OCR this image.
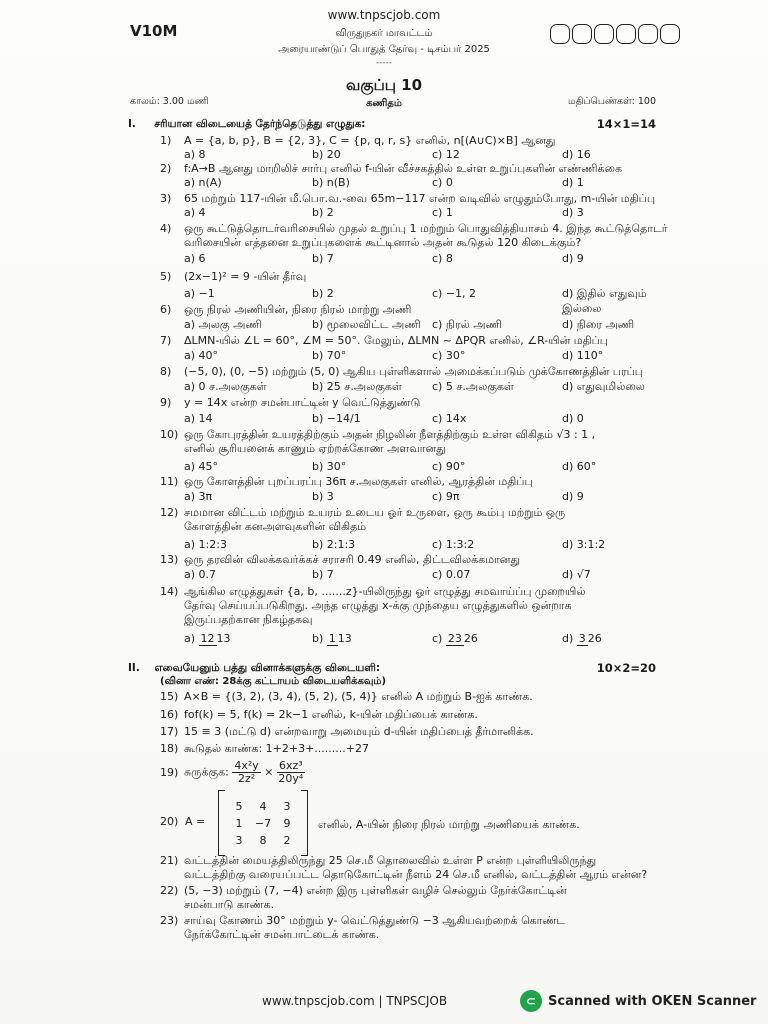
www.tnpscjob.com
V10M	விருதுநகர் மாவட்டம்
அரையாண்டுப் பொதுத் தேர்வு - டிசம்பர் 2025
-----
வகுப்பு 10
காலம்: 3.00 மணி	கணிதம்	மதிப்பெண்கள்: 100
I. சரியான விடையைத் தேர்ந்தெடுத்து எழுதுக:	14×1=14
1) A = {a, b, p}, B = {2, 3}, C = {p, q, r, s} எனில், n[(A∪C)×B] ஆனது
a) 8	b) 20	c) 12	d) 16
2) f:A→B ஆனது மாறிலிச் சார்பு எனில் f-யின் வீச்சகத்தில் உள்ள உறுப்புகளின் எண்ணிக்கை
a) n(A)	b) n(B)	c) 0	d) 1
3) 65 மற்றும் 117-யின் மீ.பொ.வ.-வை 65m−117 என்ற வடிவில் எழுதும்போது, m-யின் மதிப்பு
a) 4	b) 2	c) 1	d) 3
4) ஒரு கூட்டுத்தொடர்வரிசையில் முதல் உறுப்பு 1 மற்றும் பொதுவித்தியாசம் 4. இந்த கூட்டுத்தொடர்
வரிசையின் எத்தனை உறுப்புகளைக் கூட்டினால் அதன் கூடுதல் 120 கிடைக்கும்?
a) 6	b) 7	c) 8	d) 9
5) (2x−1)² = 9 -யின் தீர்வு
a) −1	b) 2	c) −1, 2	d) இதில் எதுவும் இல்லை
6) ஒரு நிரல் அணியின், நிரை நிரல் மாற்று அணி
a) அலகு அணி	b) மூலைவிட்ட அணி	c) நிரல் அணி	d) நிரை அணி
7) ΔLMN-யில் ∠L = 60°, ∠M = 50°. மேலும், ΔLMN ~ ΔPQR எனில், ∠R-யின் மதிப்பு
a) 40°	b) 70°	c) 30°	d) 110°
8) (−5, 0), (0, −5) மற்றும் (5, 0) ஆகிய புள்ளிகளால் அமைக்கப்படும் முக்கோணத்தின் பரப்பு
a) 0 ச.அலகுகள்	b) 25 ச.அலகுகள்	c) 5 ச.அலகுகள்	d) எதுவுமில்லை
9) y = 14x என்ற சமன்பாட்டின் y வெட்டுத்துண்டு
a) 14	b) −14/1	c) 14x	d) 0
10) ஒரு கோபுரத்தின் உயரத்திற்கும் அதன் நிழலின் நீளத்திற்கும் உள்ள விகிதம் √3 : 1 ,
எனில் சூரியனைக் காணும் ஏற்றக்கோண அளவானது
a) 45°	b) 30°	c) 90°	d) 60°
11) ஒரு கோளத்தின் புறப்பரப்பு 36π ச.அலகுகள் எனில், ஆரத்தின் மதிப்பு
a) 3π	b) 3	c) 9π	d) 9
12) சமமான விட்டம் மற்றும் உயரம் உடைய ஓர் உருளை, ஒரு கூம்பு மற்றும் ஒரு
கோளத்தின் கனஅளவுகளின் விகிதம்
a) 1:2:3	b) 2:1:3	c) 1:3:2	d) 3:1:2
13) ஒரு தரவின் விலக்கவர்க்கச் சராசரி 0.49 எனில், திட்டவிலக்கமானது
a) 0.7	b) 7	c) 0.07	d) √7
14) ஆங்கில எழுத்துகள் {a, b, .......z}-யிலிருந்து ஓர் எழுத்து சமவாய்ப்பு முறையில்
தேர்வு செய்யப்படுகிறது. அந்த எழுத்து x-க்கு முந்தைய எழுத்துகளில் ஒன்றாக
இருப்பதற்கான நிகழ்தகவு
a) 12 13	b) 1 13	c) 23 26	d) 3 26
II. எவையேனும் பத்து வினாக்களுக்கு விடையளி:	10×2=20
(வினா எண்: 28க்கு கட்டாயம் விடையளிக்கவும்)
15) A×B = {(3, 2), (3, 4), (5, 2), (5, 4)} எனில் A மற்றும் B-ஐக் காண்க.
16) fof(k) = 5, f(k) = 2k−1 எனில், k-யின் மதிப்பைக் காண்க.
17) 15 ≡ 3 (மட்டு d) என்றவாறு அமையும் d-யின் மதிப்பைத் தீர்மானிக்க.
18) கூடுதல் காண்க: 1+2+3+.........+27
19) சுருக்குக: $\frac{\text{4x²y}}{\text{2z²}} \times \frac{\text{6xz³}}{\text{20y⁴}}$
20) A =
5	4	3
1	−7	9
3	8	2
எனில், A-யின் நிரை நிரல் மாற்று அணியைக் காண்க.
21) வட்டத்தின் மையத்திலிருந்து 25 செ.மீ தொலைவில் உள்ள P என்ற புள்ளியிலிருந்து
வட்டத்திற்கு வரையப்பட்ட தொடுகோட்டின் நீளம் 24 செ.மீ எனில், வட்டத்தின் ஆரம் என்ன?
22) (5, −3) மற்றும் (7, −4) என்ற இரு புள்ளிகள் வழிச் செல்லும் நேர்க்கோட்டின்
சமன்பாடு காண்க.
23) சாய்வு கோணம் 30° மற்றும் y- வெட்டுத்துண்டு −3 ஆகியவற்றைக் கொண்ட
நேர்க்கோட்டின் சமன்பாட்டைக் காண்க.
www.tnpscjob.com | TNPSCJOB	⊂ Scanned with OKEN Scanner
